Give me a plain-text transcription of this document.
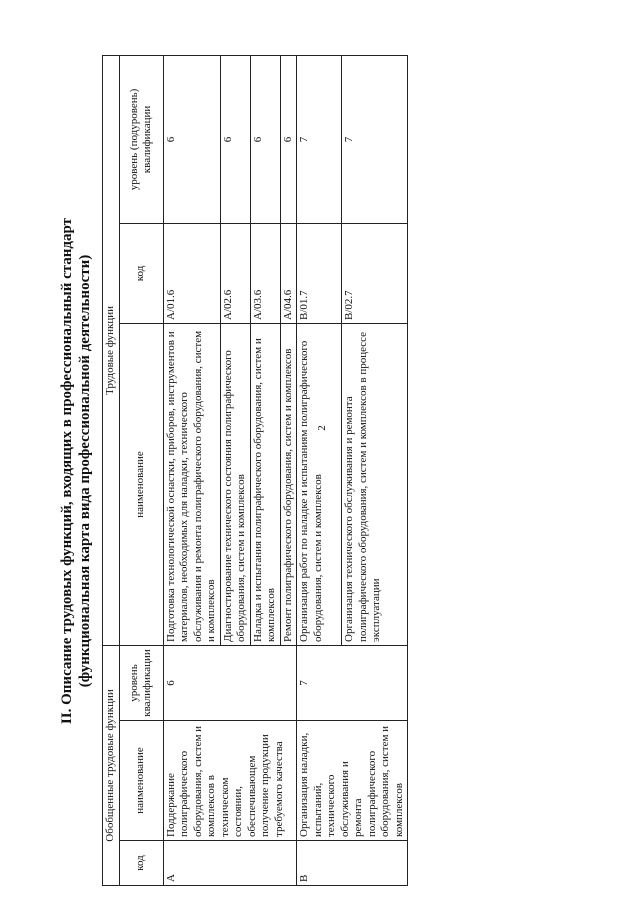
2
II. Описание трудовых функций, входящих в профессиональный стандарт (функциональная карта вида профессиональной деятельности)
Обобщенные трудовые функции			Трудовые функции		
код	наименование	уровень квалификации	наименование	код	уровень (подуровень) квалификации
А	Поддержание полиграфического оборудования, систем и комплексов в техническом состоянии, обеспечивающем получение продукции требуемого качества	6	Подготовка технологической оснастки, приборов, инструментов и материалов, необходимых для наладки, технического обслуживания и ремонта полиграфического оборудования, систем и комплексов	A/01.6	6
			Диагностирование технического состояния полиграфического оборудования, систем и комплексов	A/02.6	6
			Наладка и испытания полиграфического оборудования, систем и комплексов	A/03.6	6
			Ремонт полиграфического оборудования, систем и комплексов	A/04.6	6
В	Организация наладки, испытаний, технического обслуживания и ремонта полиграфического оборудования, систем и комплексов	7	Организация работ по наладке и испытаниям полиграфического оборудования, систем и комплексов	B/01.7	7
			Организация технического обслуживания и ремонта полиграфического оборудования, систем и комплексов в процессе эксплуатации	B/02.7	7
